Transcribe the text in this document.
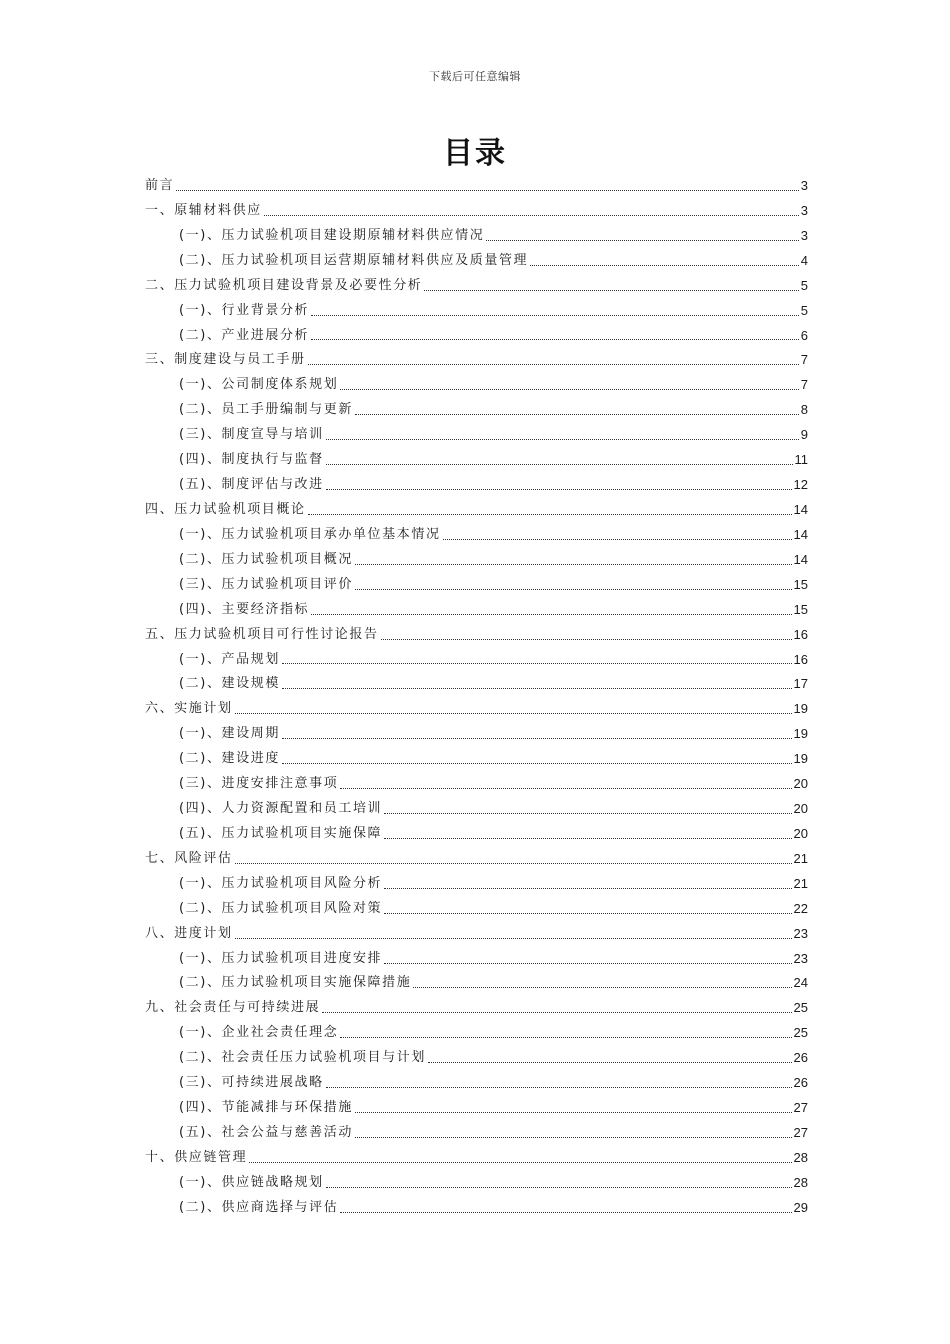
下载后可任意编辑
目录
前言	3
一、原辅材料供应	3
(一)、压力试验机项目建设期原辅材料供应情况	3
(二)、压力试验机项目运营期原辅材料供应及质量管理	4
二、压力试验机项目建设背景及必要性分析	5
(一)、行业背景分析	5
(二)、产业进展分析	6
三、制度建设与员工手册	7
(一)、公司制度体系规划	7
(二)、员工手册编制与更新	8
(三)、制度宣导与培训	9
(四)、制度执行与监督	11
(五)、制度评估与改进	12
四、压力试验机项目概论	14
(一)、压力试验机项目承办单位基本情况	14
(二)、压力试验机项目概况	14
(三)、压力试验机项目评价	15
(四)、主要经济指标	15
五、压力试验机项目可行性讨论报告	16
(一)、产品规划	16
(二)、建设规模	17
六、实施计划	19
(一)、建设周期	19
(二)、建设进度	19
(三)、进度安排注意事项	20
(四)、人力资源配置和员工培训	20
(五)、压力试验机项目实施保障	20
七、风险评估	21
(一)、压力试验机项目风险分析	21
(二)、压力试验机项目风险对策	22
八、进度计划	23
(一)、压力试验机项目进度安排	23
(二)、压力试验机项目实施保障措施	24
九、社会责任与可持续进展	25
(一)、企业社会责任理念	25
(二)、社会责任压力试验机项目与计划	26
(三)、可持续进展战略	26
(四)、节能减排与环保措施	27
(五)、社会公益与慈善活动	27
十、供应链管理	28
(一)、供应链战略规划	28
(二)、供应商选择与评估	29
